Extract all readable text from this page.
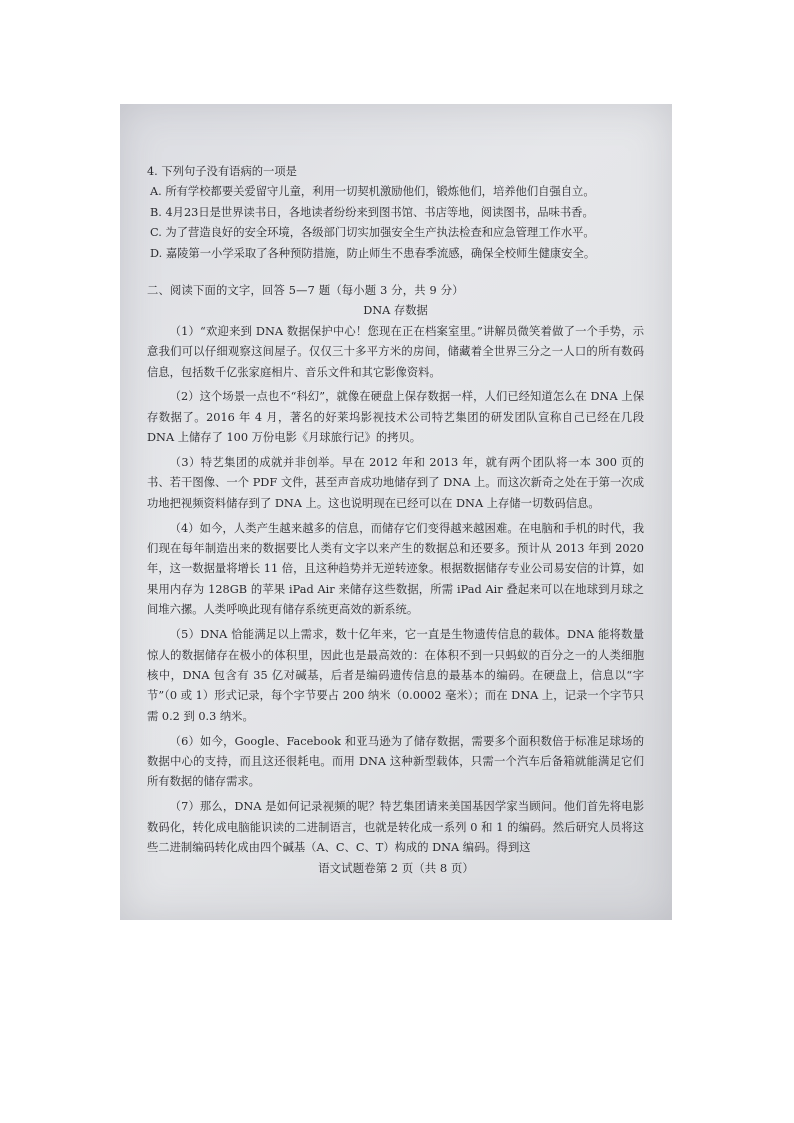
4. 下列句子没有语病的一项是

A. 所有学校都要关爱留守儿童，利用一切契机激励他们，锻炼他们，培养他们自强自立。

B. 4月23日是世界读书日，各地读者纷纷来到图书馆、书店等地，阅读图书，品味书香。

C. 为了营造良好的安全环境，各级部门切实加强安全生产执法检查和应急管理工作水平。

D. 嘉陵第一小学采取了各种预防措施，防止师生不患春季流感，确保全校师生健康安全。

二、阅读下面的文字，回答 5—7 题（每小题 3 分，共 9 分）

DNA 存数据

（1）“欢迎来到 DNA 数据保护中心！您现在正在档案室里。”讲解员微笑着做了一个手势，示意我们可以仔细观察这间屋子。仅仅三十多平方米的房间，储藏着全世界三分之一人口的所有数码信息，包括数千亿张家庭相片、音乐文件和其它影像资料。

（2）这个场景一点也不“科幻”，就像在硬盘上保存数据一样，人们已经知道怎么在 DNA 上保存数据了。2016 年 4 月，著名的好莱坞影视技术公司特艺集团的研发团队宣称自己已经在几段 DNA 上储存了 100 万份电影《月球旅行记》的拷贝。

（3）特艺集团的成就并非创举。早在 2012 年和 2013 年，就有两个团队将一本 300 页的书、若干图像、一个 PDF 文件，甚至声音成功地储存到了 DNA 上。而这次新奇之处在于第一次成功地把视频资料储存到了 DNA 上。这也说明现在已经可以在 DNA 上存储一切数码信息。

（4）如今，人类产生越来越多的信息，而储存它们变得越来越困难。在电脑和手机的时代，我们现在每年制造出来的数据要比人类有文字以来产生的数据总和还要多。预计从 2013 年到 2020 年，这一数据量将增长 11 倍，且这种趋势并无逆转迹象。根据数据储存专业公司易安信的计算，如果用内存为 128GB 的苹果 iPad Air 来储存这些数据，所需 iPad Air 叠起来可以在地球到月球之间堆六摞。人类呼唤此现有储存系统更高效的新系统。

（5）DNA 恰能满足以上需求，数十亿年来，它一直是生物遗传信息的载体。DNA 能将数量惊人的数据储存在极小的体积里，因此也是最高效的：在体积不到一只蚂蚁的百分之一的人类细胞核中，DNA 包含有 35 亿对碱基，后者是编码遗传信息的最基本的编码。在硬盘上，信息以“字节”（0 或 1）形式记录，每个字节要占 200 纳米（0.0002 毫米）；而在 DNA 上，记录一个字节只需 0.2 到 0.3 纳米。

（6）如今，Google、Facebook 和亚马逊为了储存数据，需要多个面积数倍于标准足球场的数据中心的支持，而且这还很耗电。而用 DNA 这种新型载体，只需一个汽车后备箱就能满足它们所有数据的储存需求。

（7）那么，DNA 是如何记录视频的呢？特艺集团请来美国基因学家当顾问。他们首先将电影数码化，转化成电脑能识读的二进制语言，也就是转化成一系列 0 和 1 的编码。然后研究人员将这些二进制编码转化成由四个碱基（A、C、C、T）构成的 DNA 编码。得到这

语文试题卷第 2 页（共 8 页）
